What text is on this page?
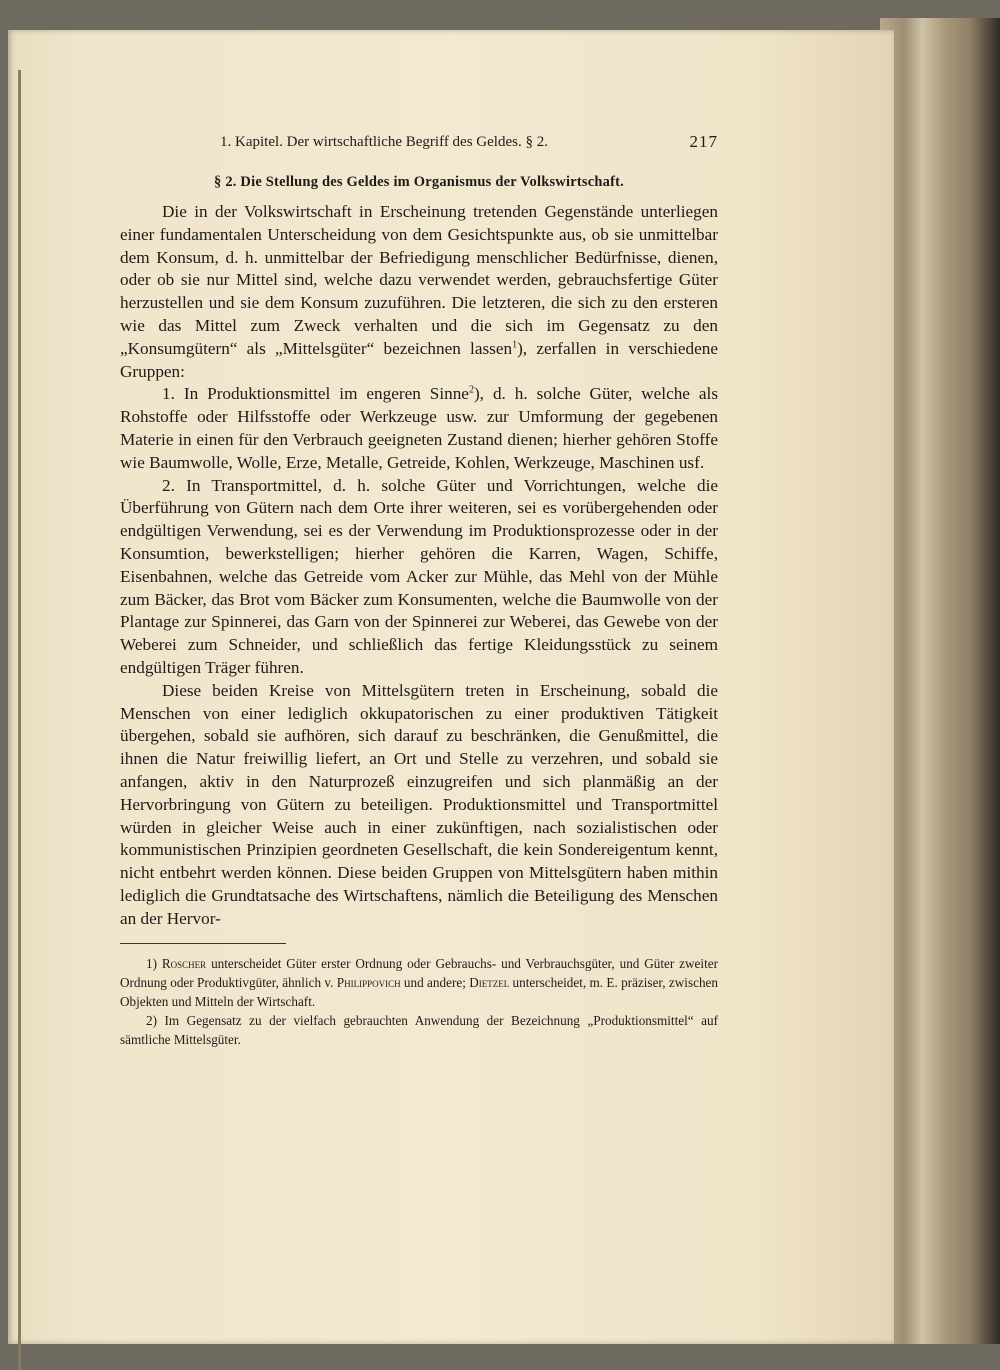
1. Kapitel. Der wirtschaftliche Begriff des Geldes. § 2.	217
§ 2. Die Stellung des Geldes im Organismus der Volkswirtschaft.

Die in der Volkswirtschaft in Erscheinung tretenden Gegenstände unterliegen einer fundamentalen Unterscheidung von dem Gesichtspunkte aus, ob sie unmittelbar dem Konsum, d. h. unmittelbar der Befriedigung menschlicher Bedürfnisse, dienen, oder ob sie nur Mittel sind, welche dazu verwendet werden, gebrauchsfertige Güter herzustellen und sie dem Konsum zuzuführen. Die letzteren, die sich zu den ersteren wie das Mittel zum Zweck verhalten und die sich im Gegensatz zu den „Konsumgütern“ als „Mittelsgüter“ bezeichnen lassen$^1$), zerfallen in verschiedene Gruppen:

1. In Produktionsmittel im engeren Sinne$^2$), d. h. solche Güter, welche als Rohstoffe oder Hilfsstoffe oder Werkzeuge usw. zur Umformung der gegebenen Materie in einen für den Verbrauch geeigneten Zustand dienen; hierher gehören Stoffe wie Baumwolle, Wolle, Erze, Metalle, Getreide, Kohlen, Werkzeuge, Maschinen usf.

2. In Transportmittel, d. h. solche Güter und Vorrichtungen, welche die Überführung von Gütern nach dem Orte ihrer weiteren, sei es vorübergehenden oder endgültigen Verwendung, sei es der Verwendung im Produktionsprozesse oder in der Konsumtion, bewerkstelligen; hierher gehören die Karren, Wagen, Schiffe, Eisenbahnen, welche das Getreide vom Acker zur Mühle, das Mehl von der Mühle zum Bäcker, das Brot vom Bäcker zum Konsumenten, welche die Baumwolle von der Plantage zur Spinnerei, das Garn von der Spinnerei zur Weberei, das Gewebe von der Weberei zum Schneider, und schließlich das fertige Kleidungsstück zu seinem endgültigen Träger führen.

Diese beiden Kreise von Mittelsgütern treten in Erscheinung, sobald die Menschen von einer lediglich okkupatorischen zu einer produktiven Tätigkeit übergehen, sobald sie aufhören, sich darauf zu beschränken, die Genußmittel, die ihnen die Natur freiwillig liefert, an Ort und Stelle zu verzehren, und sobald sie anfangen, aktiv in den Naturprozeß einzugreifen und sich planmäßig an der Hervorbringung von Gütern zu beteiligen. Produktionsmittel und Transportmittel würden in gleicher Weise auch in einer zukünftigen, nach sozialistischen oder kommunistischen Prinzipien geordneten Gesellschaft, die kein Sondereigentum kennt, nicht entbehrt werden können. Diese beiden Gruppen von Mittelsgütern haben mithin lediglich die Grundtatsache des Wirtschaftens, nämlich die Beteiligung des Menschen an der Hervor-

1) Roscher unterscheidet Güter erster Ordnung oder Gebrauchs- und Verbrauchsgüter, und Güter zweiter Ordnung oder Produktivgüter, ähnlich v. Philippovich und andere; Dietzel unterscheidet, m. E. präziser, zwischen Objekten und Mitteln der Wirtschaft.

2) Im Gegensatz zu der vielfach gebrauchten Anwendung der Bezeichnung „Produktionsmittel“ auf sämtliche Mittelsgüter.
